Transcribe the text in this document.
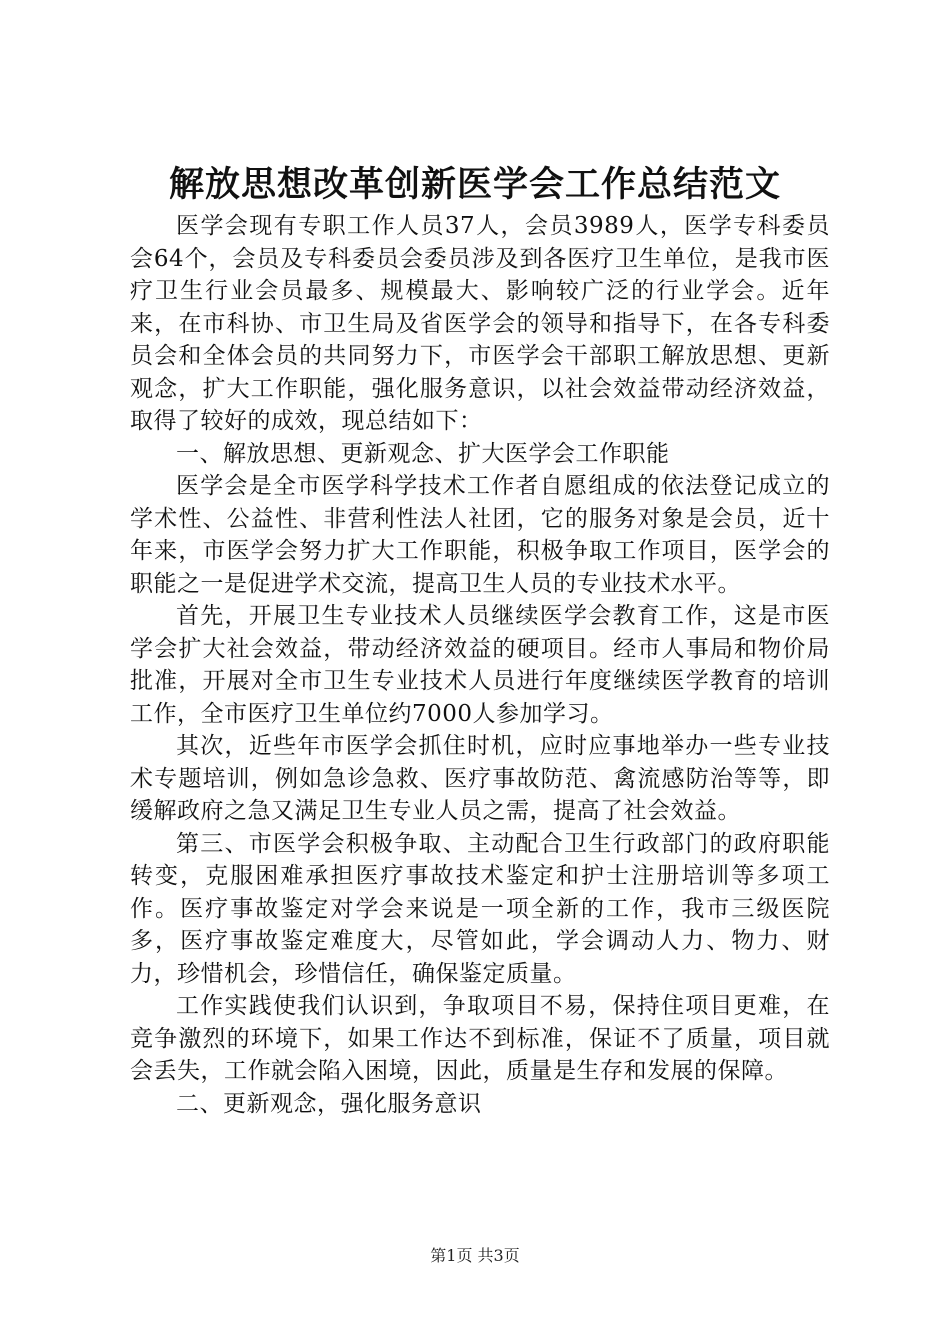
解放思想改革创新医学会工作总结范文

医学会现有专职工作人员37人，会员3989人，医学专科委员会64个，会员及专科委员会委员涉及到各医疗卫生单位，是我市医疗卫生行业会员最多、规模最大、影响较广泛的行业学会。近年来，在市科协、市卫生局及省医学会的领导和指导下，在各专科委员会和全体会员的共同努力下，市医学会干部职工解放思想、更新观念，扩大工作职能，强化服务意识，以社会效益带动经济效益，取得了较好的成效，现总结如下：

一、解放思想、更新观念、扩大医学会工作职能

医学会是全市医学科学技术工作者自愿组成的依法登记成立的学术性、公益性、非营利性法人社团，它的服务对象是会员，近十年来，市医学会努力扩大工作职能，积极争取工作项目，医学会的职能之一是促进学术交流，提高卫生人员的专业技术水平。

首先，开展卫生专业技术人员继续医学会教育工作，这是市医学会扩大社会效益，带动经济效益的硬项目。经市人事局和物价局批准，开展对全市卫生专业技术人员进行年度继续医学教育的培训工作，全市医疗卫生单位约7000人参加学习。

其次，近些年市医学会抓住时机，应时应事地举办一些专业技术专题培训，例如急诊急救、医疗事故防范、禽流感防治等等，即缓解政府之急又满足卫生专业人员之需，提高了社会效益。

第三、市医学会积极争取、主动配合卫生行政部门的政府职能转变，克服困难承担医疗事故技术鉴定和护士注册培训等多项工作。医疗事故鉴定对学会来说是一项全新的工作，我市三级医院多，医疗事故鉴定难度大，尽管如此，学会调动人力、物力、财力，珍惜机会，珍惜信任，确保鉴定质量。

工作实践使我们认识到，争取项目不易，保持住项目更难，在竞争激烈的环境下，如果工作达不到标准，保证不了质量，项目就会丢失，工作就会陷入困境，因此，质量是生存和发展的保障。

二、更新观念，强化服务意识

第1页 共3页
